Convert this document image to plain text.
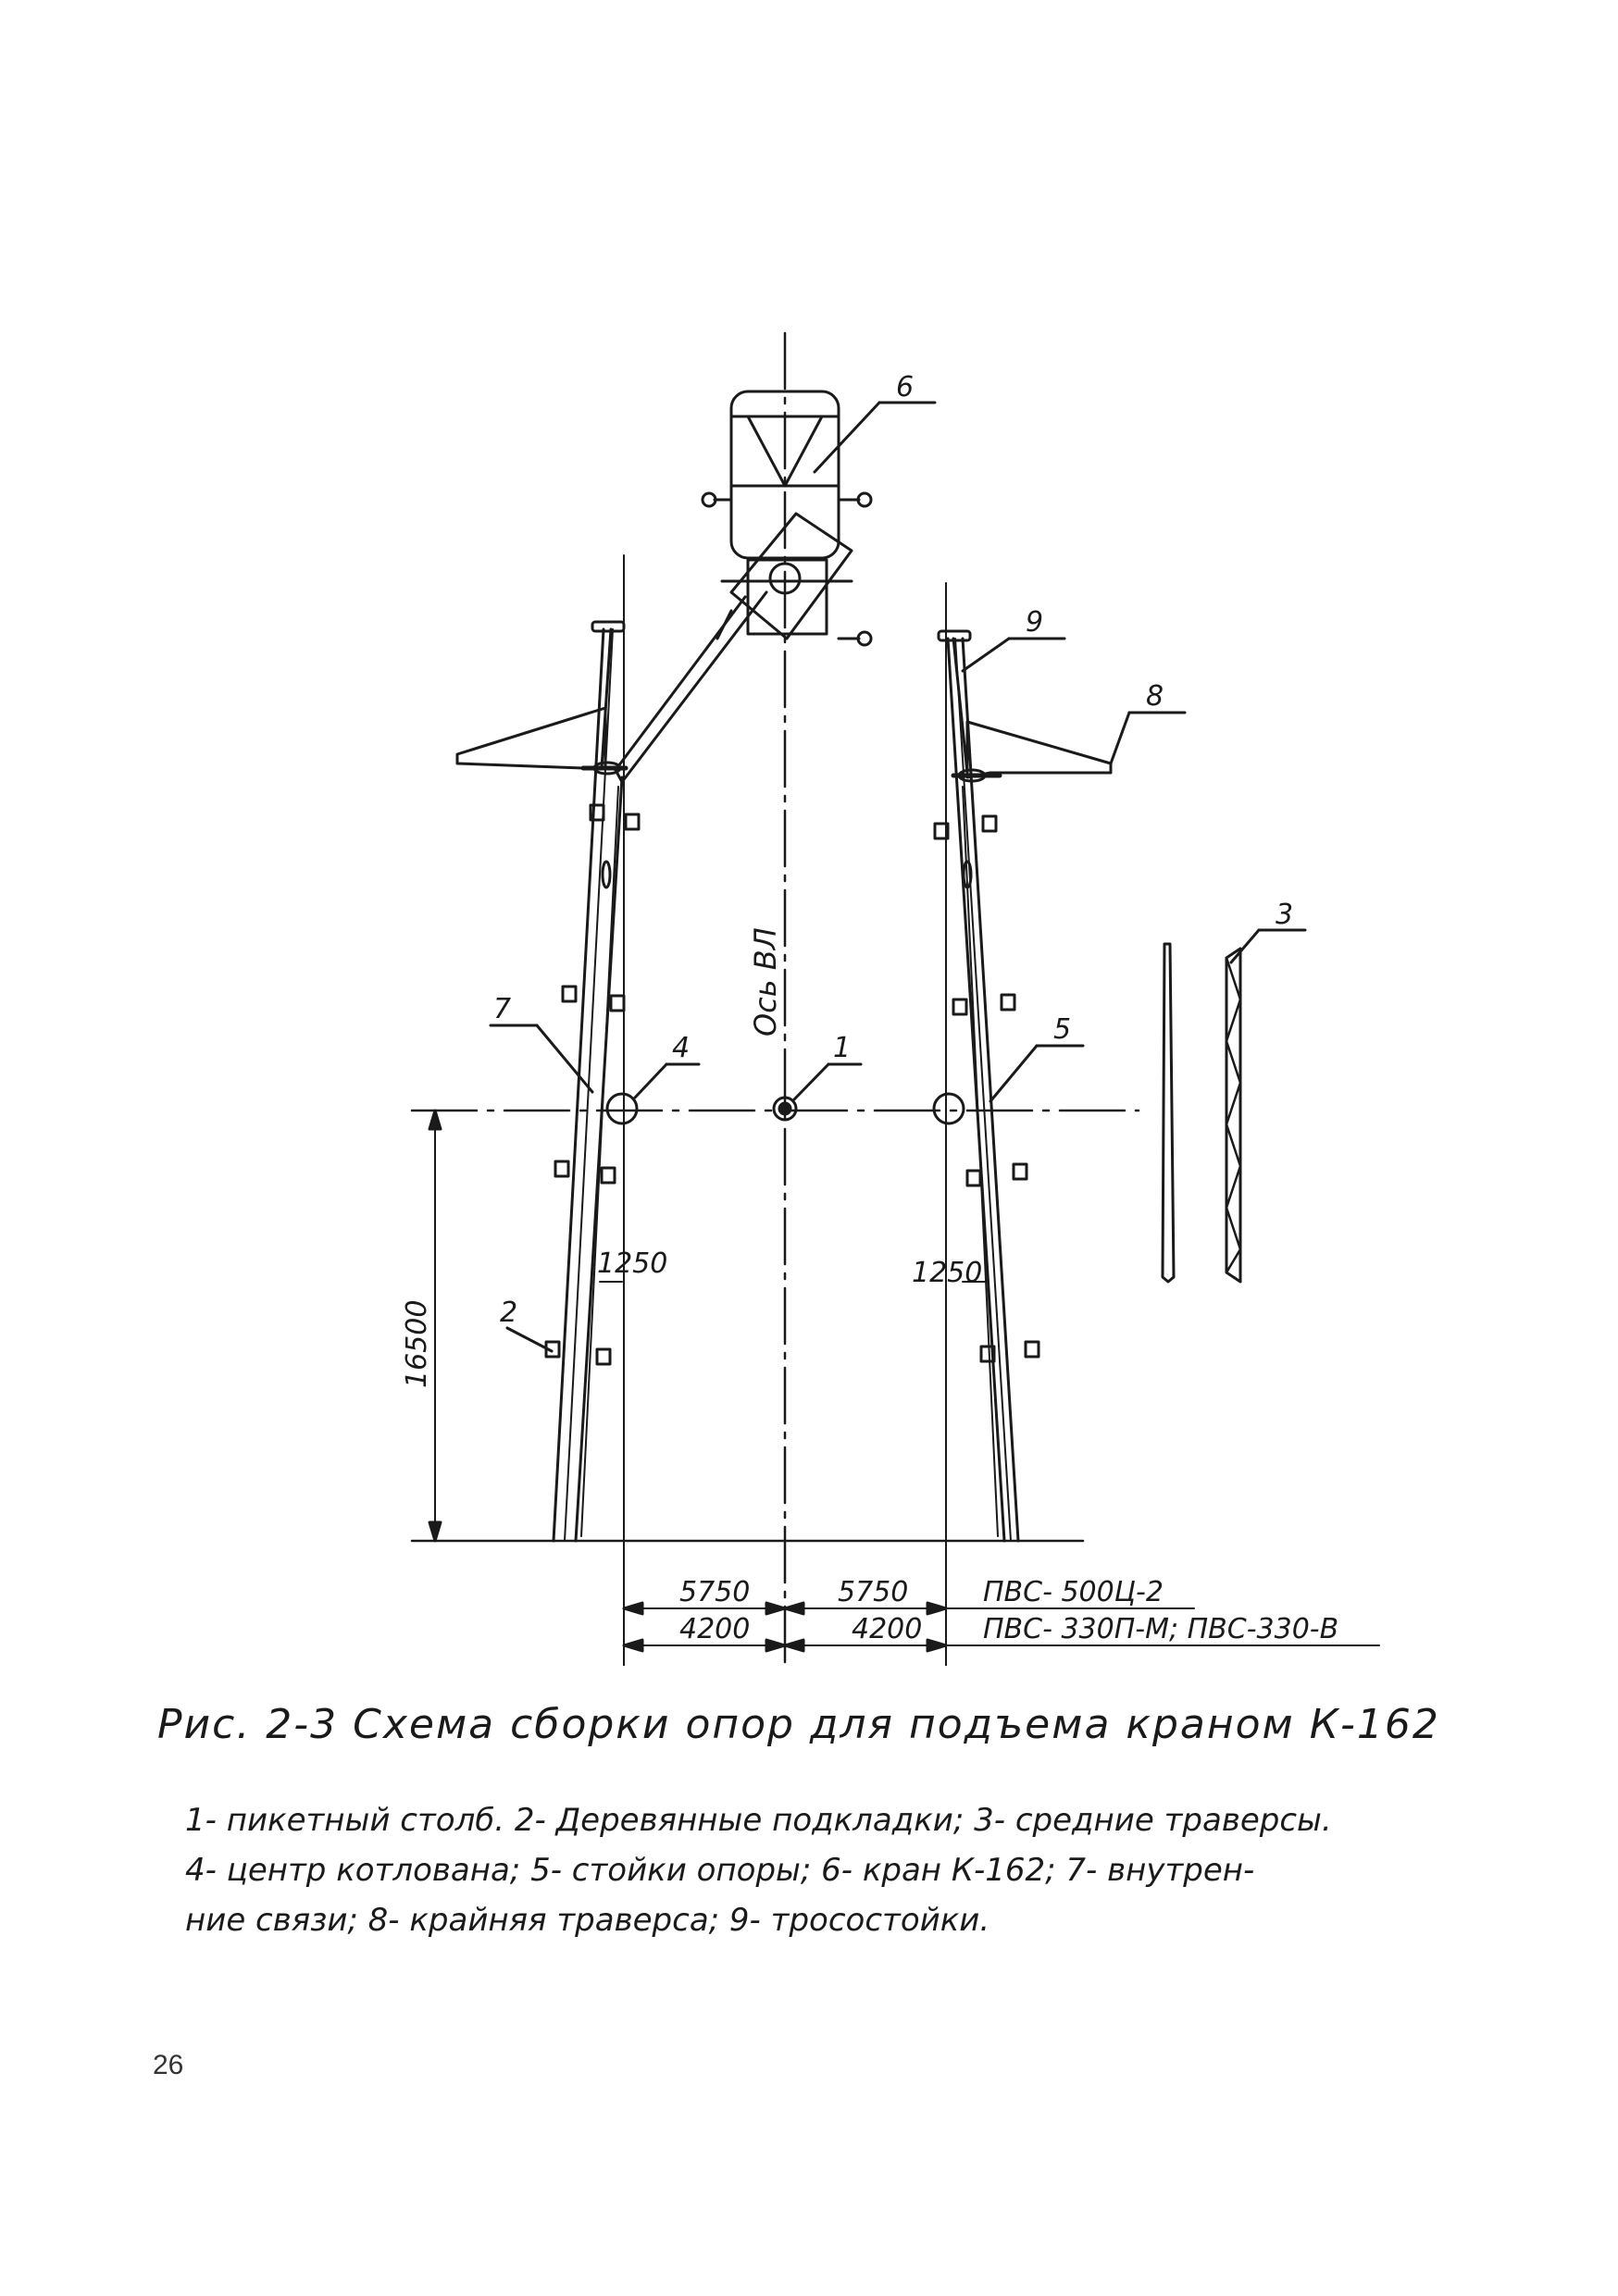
6
9
8
3
7
4	1
5
2
Ось ВЛ
16500
1250	1250
5750	5750	ПВС- 500Ц-2
4200	4200 ПВС- 330П-М; ПВС-330-В
Рис. 2-3 Схема сборки опор для подъема краном К-162
1- пикетный столб. 2- Деревянные подкладки; 3- средние траверсы.
4- центр котлована; 5- стойки опоры; 6- кран К-162; 7- внутрен-
ние связи; 8- крайняя траверса; 9- тросостойки.
26
